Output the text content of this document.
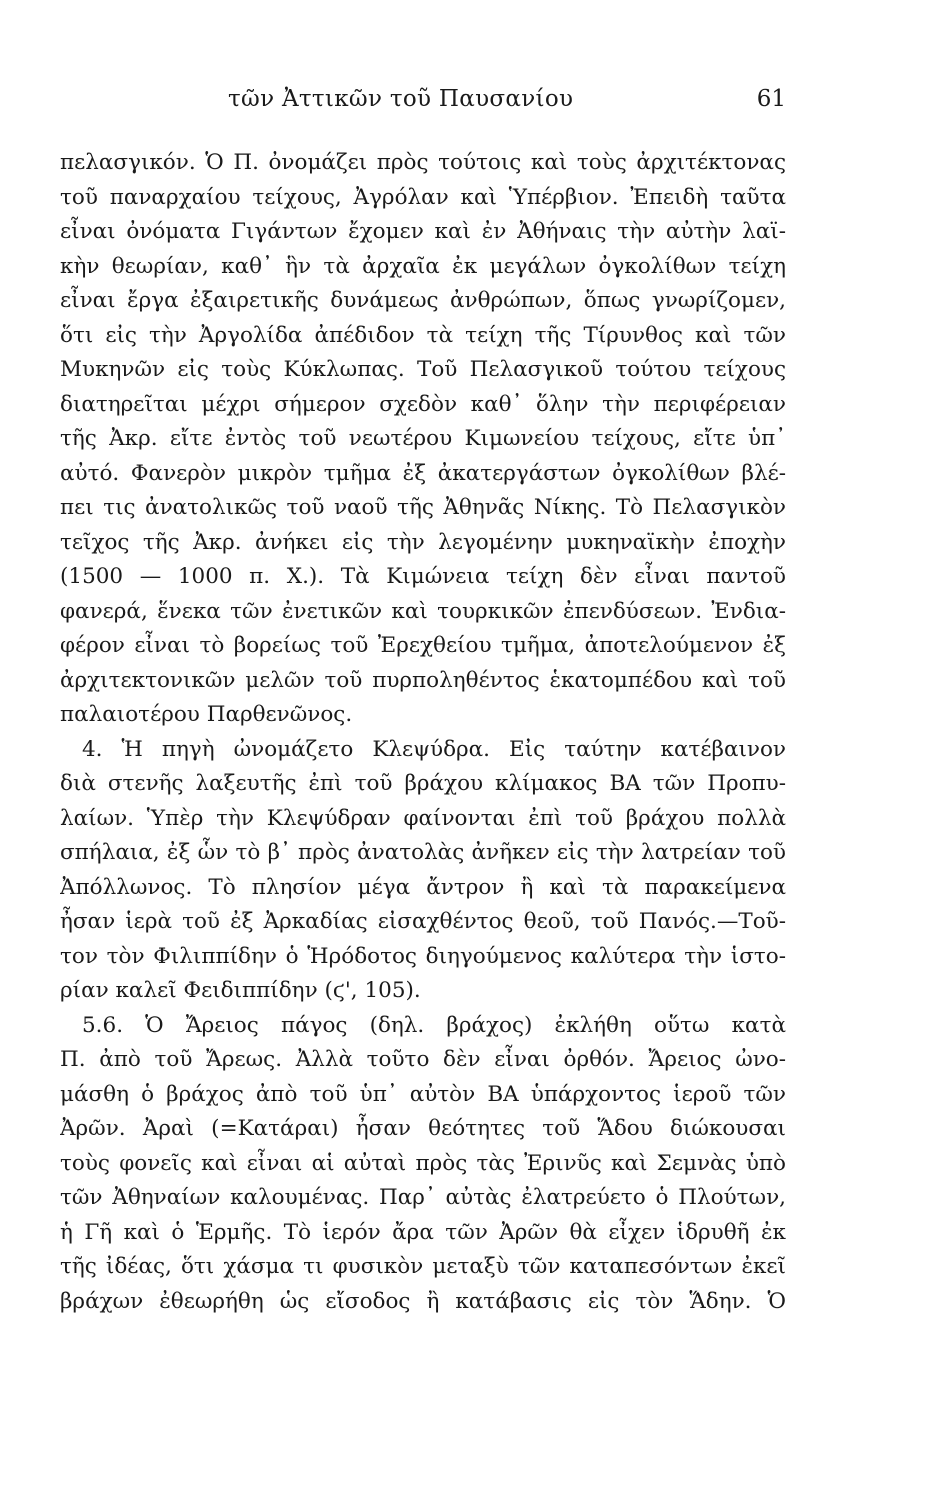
τῶν Ἀττικῶν τοῦ Παυσανίου	61
πελασγικόν. Ὁ Π. ὀνομάζει πρὸς τούτοις καὶ τοὺς ἀρχιτέκτονας
τοῦ παναρχαίου τείχους, Ἀγρόλαν καὶ Ὑπέρβιον. Ἐπειδὴ ταῦτα
εἶναι ὀνόματα Γιγάντων ἔχομεν καὶ ἐν Ἀθήναις τὴν αὐτὴν λαϊ-
κὴν θεωρίαν, καθ᾽ ἣν τὰ ἀρχαῖα ἐκ μεγάλων ὀγκολίθων τείχη
εἶναι ἔργα ἐξαιρετικῆς δυνάμεως ἀνθρώπων, ὅπως γνωρίζομεν,
ὅτι εἰς τὴν Ἀργολίδα ἀπέδιδον τὰ τείχη τῆς Τίρυνθος καὶ τῶν
Μυκηνῶν εἰς τοὺς Κύκλωπας. Τοῦ Πελασγικοῦ τούτου τείχους
διατηρεῖται μέχρι σήμερον σχεδὸν καθ᾽ ὅλην τὴν περιφέρειαν
τῆς Ἀκρ. εἴτε ἐντὸς τοῦ νεωτέρου Κιμωνείου τείχους, εἴτε ὑπ᾽
αὐτό. Φανερὸν μικρὸν τμῆμα ἐξ ἀκατεργάστων ὀγκολίθων βλέ-
πει τις ἀνατολικῶς τοῦ ναοῦ τῆς Ἀθηνᾶς Νίκης. Τὸ Πελασγικὸν
τεῖχος τῆς Ἀκρ. ἀνήκει εἰς τὴν λεγομένην μυκηναϊκὴν ἐποχὴν
(1500 — 1000 π. Χ.). Τὰ Κιμώνεια τείχη δὲν εἶναι παντοῦ
φανερά, ἕνεκα τῶν ἐνετικῶν καὶ τουρκικῶν ἐπενδύσεων. Ἐνδια-
φέρον εἶναι τὸ βορείως τοῦ Ἐρεχθείου τμῆμα, ἀποτελούμενον ἐξ
ἀρχιτεκτονικῶν μελῶν τοῦ πυρποληθέντος ἑκατομπέδου καὶ τοῦ
παλαιοτέρου Παρθενῶνος.
4. Ἡ πηγὴ ὠνομάζετο Κλεψύδρα. Εἰς ταύτην κατέβαινον
διὰ στενῆς λαξευτῆς ἐπὶ τοῦ βράχου κλίμακος ΒΑ τῶν Προπυ-
λαίων. Ὑπὲρ τὴν Κλεψύδραν φαίνονται ἐπὶ τοῦ βράχου πολλὰ
σπήλαια, ἐξ ὧν τὸ β᾽ πρὸς ἀνατολὰς ἀνῆκεν εἰς τὴν λατρείαν τοῦ
Ἀπόλλωνος. Τὸ πλησίον μέγα ἄντρον ἢ καὶ τὰ παρακείμενα
ἦσαν ἱερὰ τοῦ ἐξ Ἀρκαδίας εἰσαχθέντος θεοῦ, τοῦ Πανός.—Τοῦ-
τον τὸν Φιλιππίδην ὁ Ἡρόδοτος διηγούμενος καλύτερα τὴν ἱστο-
ρίαν καλεῖ Φειδιππίδην (ϛ', 105).
5.6. Ὁ Ἄρειος πάγος (δηλ. βράχος) ἐκλήθη οὕτω κατὰ
Π. ἀπὸ τοῦ Ἄρεως. Ἀλλὰ τοῦτο δὲν εἶναι ὀρθόν. Ἄρειος ὠνο-
μάσθη ὁ βράχος ἀπὸ τοῦ ὑπ᾽ αὐτὸν ΒΑ ὑπάρχοντος ἱεροῦ τῶν
Ἀρῶν. Ἀραὶ (=Κατάραι) ἦσαν θεότητες τοῦ Ἅδου διώκουσαι
τοὺς φονεῖς καὶ εἶναι αἱ αὐταὶ πρὸς τὰς Ἐρινῦς καὶ Σεμνὰς ὑπὸ
τῶν Ἀθηναίων καλουμένας. Παρ᾽ αὐτὰς ἐλατρεύετο ὁ Πλούτων,
ἡ Γῆ καὶ ὁ Ἑρμῆς. Τὸ ἱερόν ἄρα τῶν Ἀρῶν θὰ εἶχεν ἱδρυθῆ ἐκ
τῆς ἰδέας, ὅτι χάσμα τι φυσικὸν μεταξὺ τῶν καταπεσόντων ἐκεῖ
βράχων ἐθεωρήθη ὡς εἴσοδος ἢ κατάβασις εἰς τὸν Ἅδην. Ὁ
